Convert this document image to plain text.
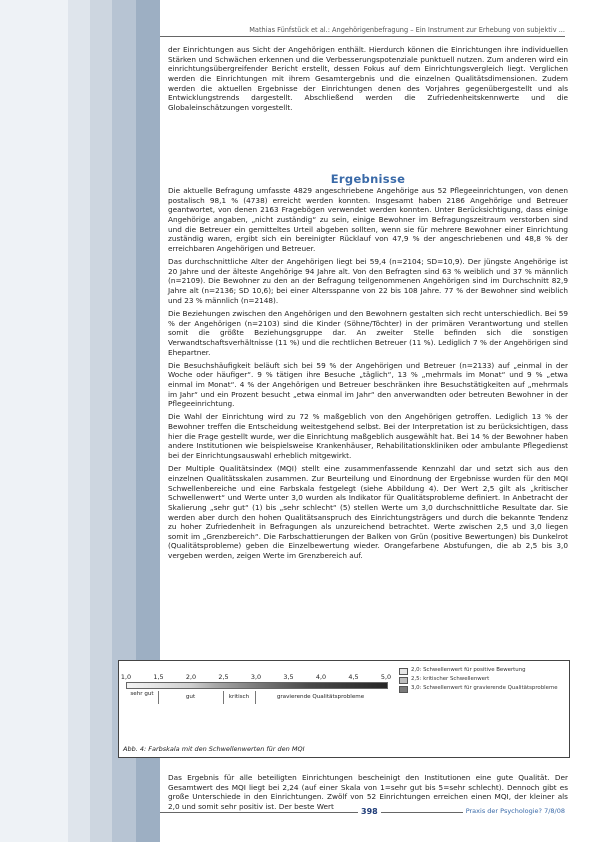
Mathias Fünfstück et al.: Angehörigenbefragung – Ein Instrument zur Erhebung von subjektiv ...

der Einrichtungen aus Sicht der Angehörigen enthält. Hierdurch können die Einrichtungen ihre individuellen Stärken und Schwächen erkennen und die Verbesserungspotenziale punktuell nutzen. Zum anderen wird ein einrichtungsübergreifender Bericht erstellt, dessen Fokus auf dem Einrichtungsvergleich liegt. Verglichen werden die Einrichtungen mit ihrem Gesamtergebnis und die einzelnen Qualitätsdimensionen. Zudem werden die aktuellen Ergebnisse der Einrichtungen denen des Vorjahres gegenübergestellt und als Entwicklungstrends dargestellt. Abschließend werden die Zufriedenheitskennwerte und die Globaleinschätzungen vorgestellt.

Ergebnisse

Die aktuelle Befragung umfasste 4829 angeschriebene Angehörige aus 52 Pflegeeinrichtungen, von denen postalisch 98,1 % (4738) erreicht werden konnten. Insgesamt haben 2186 Angehörige und Betreuer geantwortet, von denen 2163 Fragebögen verwendet werden konnten. Unter Berücksichtigung, dass einige Angehörige angaben, „nicht zuständig“ zu sein, einige Bewohner im Befragungszeitraum verstorben sind und die Betreuer ein gemitteltes Urteil abgeben sollten, wenn sie für mehrere Bewohner einer Einrichtung zuständig waren, ergibt sich ein bereinigter Rücklauf von 47,9 % der angeschriebenen und 48,8 % der erreichbaren Angehörigen und Betreuer.

Das durchschnittliche Alter der Angehörigen liegt bei 59,4 (n=2104; SD=10,9). Der jüngste Angehörige ist 20 Jahre und der älteste Angehörige 94 Jahre alt. Von den Befragten sind 63 % weiblich und 37 % männlich (n=2109). Die Bewohner zu den an der Befragung teilgenommenen Angehörigen sind im Durchschnitt 82,9 Jahre alt (n=2136; SD 10,6); bei einer Altersspanne von 22 bis 108 Jahre. 77 % der Bewohner sind weiblich und 23 % männlich (n=2148).

Die Beziehungen zwischen den Angehörigen und den Bewohnern gestalten sich recht unterschiedlich. Bei 59 % der Angehörigen (n=2103) sind die Kinder (Söhne/Töchter) in der primären Verantwortung und stellen somit die größte Beziehungsgruppe dar. An zweiter Stelle befinden sich die sonstigen Verwandtschaftsverhältnisse (11 %) und die rechtlichen Betreuer (11 %). Lediglich 7 % der Angehörigen sind Ehepartner.

Die Besuchshäufigkeit beläuft sich bei 59 % der Angehörigen und Betreuer (n=2133) auf „einmal in der Woche oder häufiger“. 9 % tätigen ihre Besuche „täglich“, 13 % „mehrmals im Monat“ und 9 % „etwa einmal im Monat“. 4 % der Angehörigen und Betreuer beschränken ihre Besuchstätigkeiten auf „mehrmals im Jahr“ und ein Prozent besucht „etwa einmal im Jahr“ den anverwandten oder betreuten Bewohner in der Pflegeeinrichtung.

Die Wahl der Einrichtung wird zu 72 % maßgeblich von den Angehörigen getroffen. Lediglich 13 % der Bewohner treffen die Entscheidung weitestgehend selbst. Bei der Interpretation ist zu berücksichtigen, dass hier die Frage gestellt wurde, wer die Einrichtung maßgeblich ausgewählt hat. Bei 14 % der Bewohner haben andere Institutionen wie beispielsweise Krankenhäuser, Rehabilitationskliniken oder ambulante Pflegedienst bei der Einrichtungsauswahl erheblich mitgewirkt.

Der Multiple Qualitätsindex (MQI) stellt eine zusammenfassende Kennzahl dar und setzt sich aus den einzelnen Qualitätsskalen zusammen. Zur Beurteilung und Einordnung der Ergebnisse wurden für den MQI Schwellenbereiche und eine Farbskala festgelegt (siehe Abbildung 4). Der Wert 2,5 gilt als „kritischer Schwellenwert“ und Werte unter 3,0 wurden als Indikator für Qualitätsprobleme definiert. In Anbetracht der Skalierung „sehr gut“ (1) bis „sehr schlecht“ (5) stellen Werte um 3,0 durchschnittliche Resultate dar. Sie werden aber durch den hohen Qualitätsanspruch des Einrichtungsträgers und durch die bekannte Tendenz zu hoher Zufriedenheit in Befragungen als unzureichend betrachtet. Werte zwischen 2,5 und 3,0 liegen somit im „Grenzbereich“. Die Farbschattierungen der Balken von Grün (positive Bewertungen) bis Dunkelrot (Qualitätsprobleme) geben die Einzelbewertung wieder. Orangefarbene Abstufungen, die ab 2,5 bis 3,0 vergeben werden, zeigen Werte im Grenzbereich auf.

1,0	1,5	2,0	2,5	3,0	3,5	4,0	4,5	5,0
sehr gut	gut	kritisch	gravierende Qualitätsprobleme
2,0: Schwellenwert für positive Bewertung
2,5: kritischer Schwellenwert
3,0: Schwellenwert für gravierende Qualitätsprobleme
Abb. 4: Farbskala mit den Schwellenwerten für den MQI

Das Ergebnis für alle beteiligten Einrichtungen bescheinigt den Institutionen eine gute Qualität. Der Gesamtwert des MQI liegt bei 2,24 (auf einer Skala von 1=sehr gut bis 5=sehr schlecht). Dennoch gibt es große Unterschiede in den Einrichtungen. Zwölf von 52 Einrichtungen erreichen einen MQI, der kleiner als 2,0 und somit sehr positiv ist. Der beste Wert

398	Praxis der Psychologie? 7/8/08
